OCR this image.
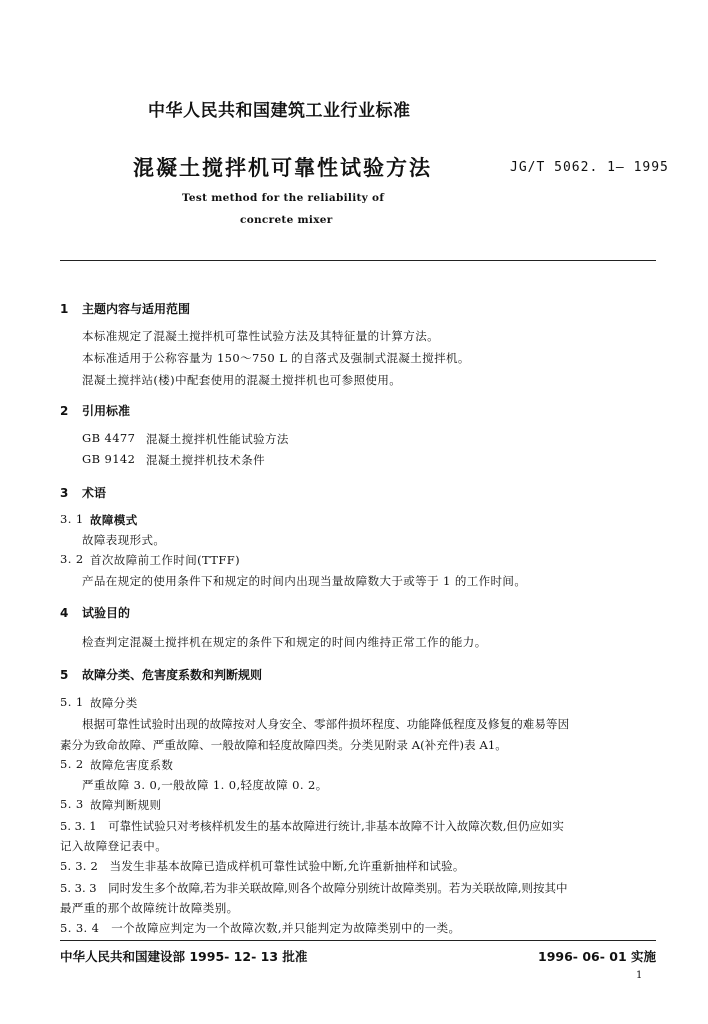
中华人民共和国建筑工业行业标准
混凝土搅拌机可靠性试验方法	JG/T 5062. 1— 1995
Test method for the reliability of
concrete mixer
1 主题内容与适用范围
本标准规定了混凝土搅拌机可靠性试验方法及其特征量的计算方法。
本标准适用于公称容量为 150～750 L 的自落式及强制式混凝土搅拌机。
混凝土搅拌站(楼)中配套使用的混凝土搅拌机也可参照使用。
2 引用标准
GB 4477 混凝土搅拌机性能试验方法
GB 9142 混凝土搅拌机技术条件
3 术语
3. 1 故障模式
故障表现形式。
3. 2 首次故障前工作时间(TTFF)
产品在规定的使用条件下和规定的时间内出现当量故障数大于或等于 1 的工作时间。
4 试验目的
检查判定混凝土搅拌机在规定的条件下和规定的时间内维持正常工作的能力。
5 故障分类、危害度系数和判断规则
5. 1 故障分类
根据可靠性试验时出现的故障按对人身安全、零部件损坏程度、功能降低程度及修复的难易等因
素分为致命故障、严重故障、一般故障和轻度故障四类。分类见附录 A(补充件)表 A1。
5. 2 故障危害度系数
严重故障 3. 0,一般故障 1. 0,轻度故障 0. 2。
5. 3 故障判断规则
5. 3. 1　可靠性试验只对考核样机发生的基本故障进行统计,非基本故障不计入故障次数,但仍应如实
记入故障登记表中。
5. 3. 2　当发生非基本故障已造成样机可靠性试验中断,允许重新抽样和试验。
5. 3. 3　同时发生多个故障,若为非关联故障,则各个故障分别统计故障类别。若为关联故障,则按其中
最严重的那个故障统计故障类别。
5. 3. 4　一个故障应判定为一个故障次数,并只能判定为故障类别中的一类。
中华人民共和国建设部 1995- 12- 13 批准	1996- 06- 01 实施
1
